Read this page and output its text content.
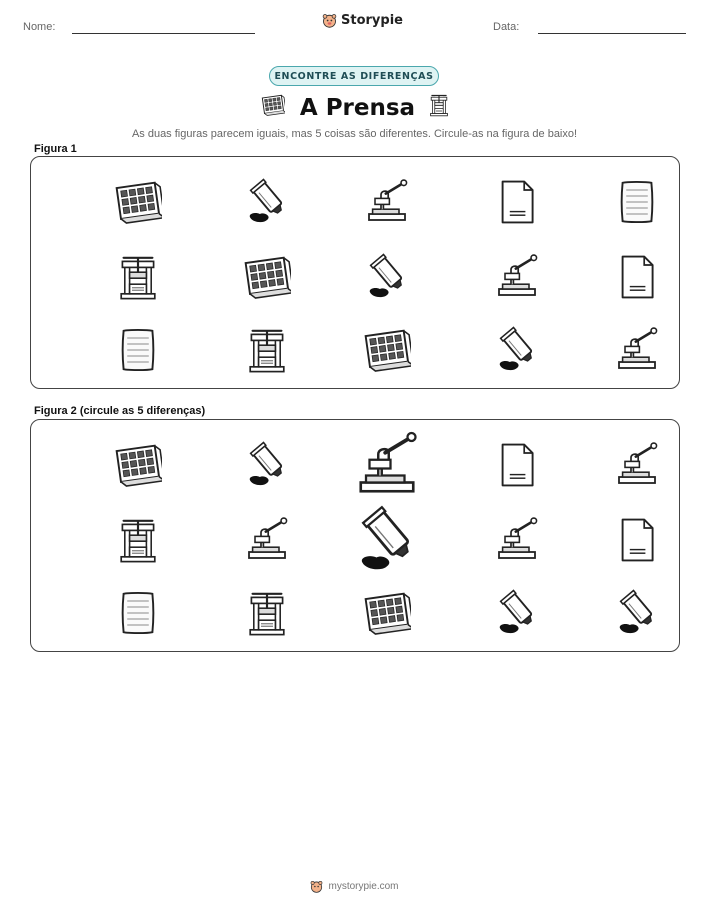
Nome:	Storypie	Data:
ENCONTRE AS DIFERENÇAS
A Prensa
As duas figuras parecem iguais, mas 5 coisas são diferentes. Circule-as na figura de baixo!
Figura 1
Figura 2 (circule as 5 diferenças)
mystorypie.com
